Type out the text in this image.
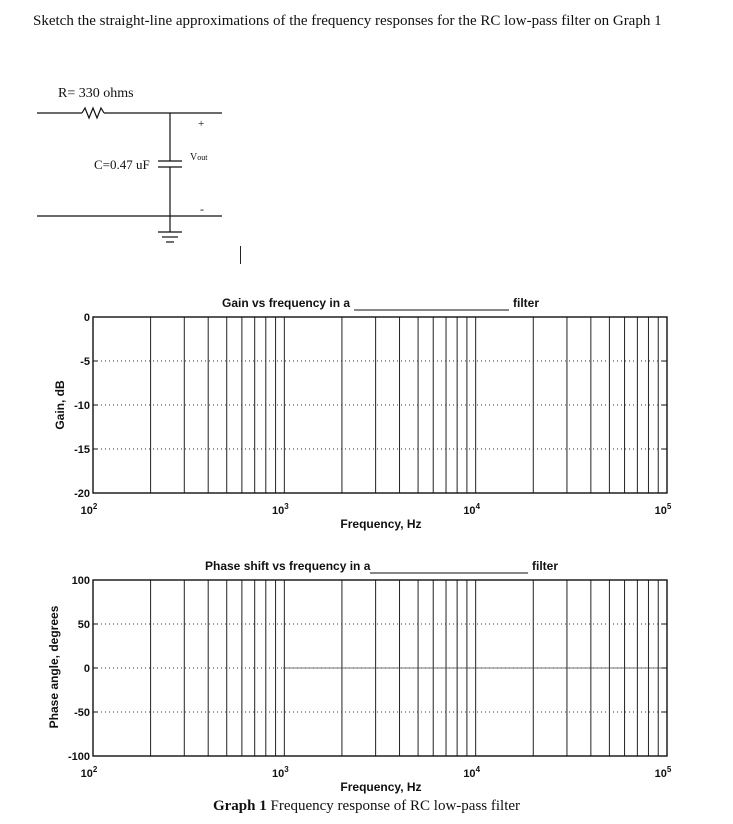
Sketch the straight-line approximations of the frequency responses for the RC low-pass filter on Graph 1
R= 330 ohms
C=0.47 uF
+
Vout
-
Gain vs frequency in a	filter
0
-5
-10
-15
-20
$10^2$	$10^3$	$10^4$	$10^5$
Frequency, Hz
Gain, dB
Phase shift vs frequency in a	filter
100
50
0
-50
-100
$10^2$	$10^3$	$10^4$	$10^5$
Frequency, Hz
Phase angle, degrees
Graph 1 Frequency response of RC low-pass filter
